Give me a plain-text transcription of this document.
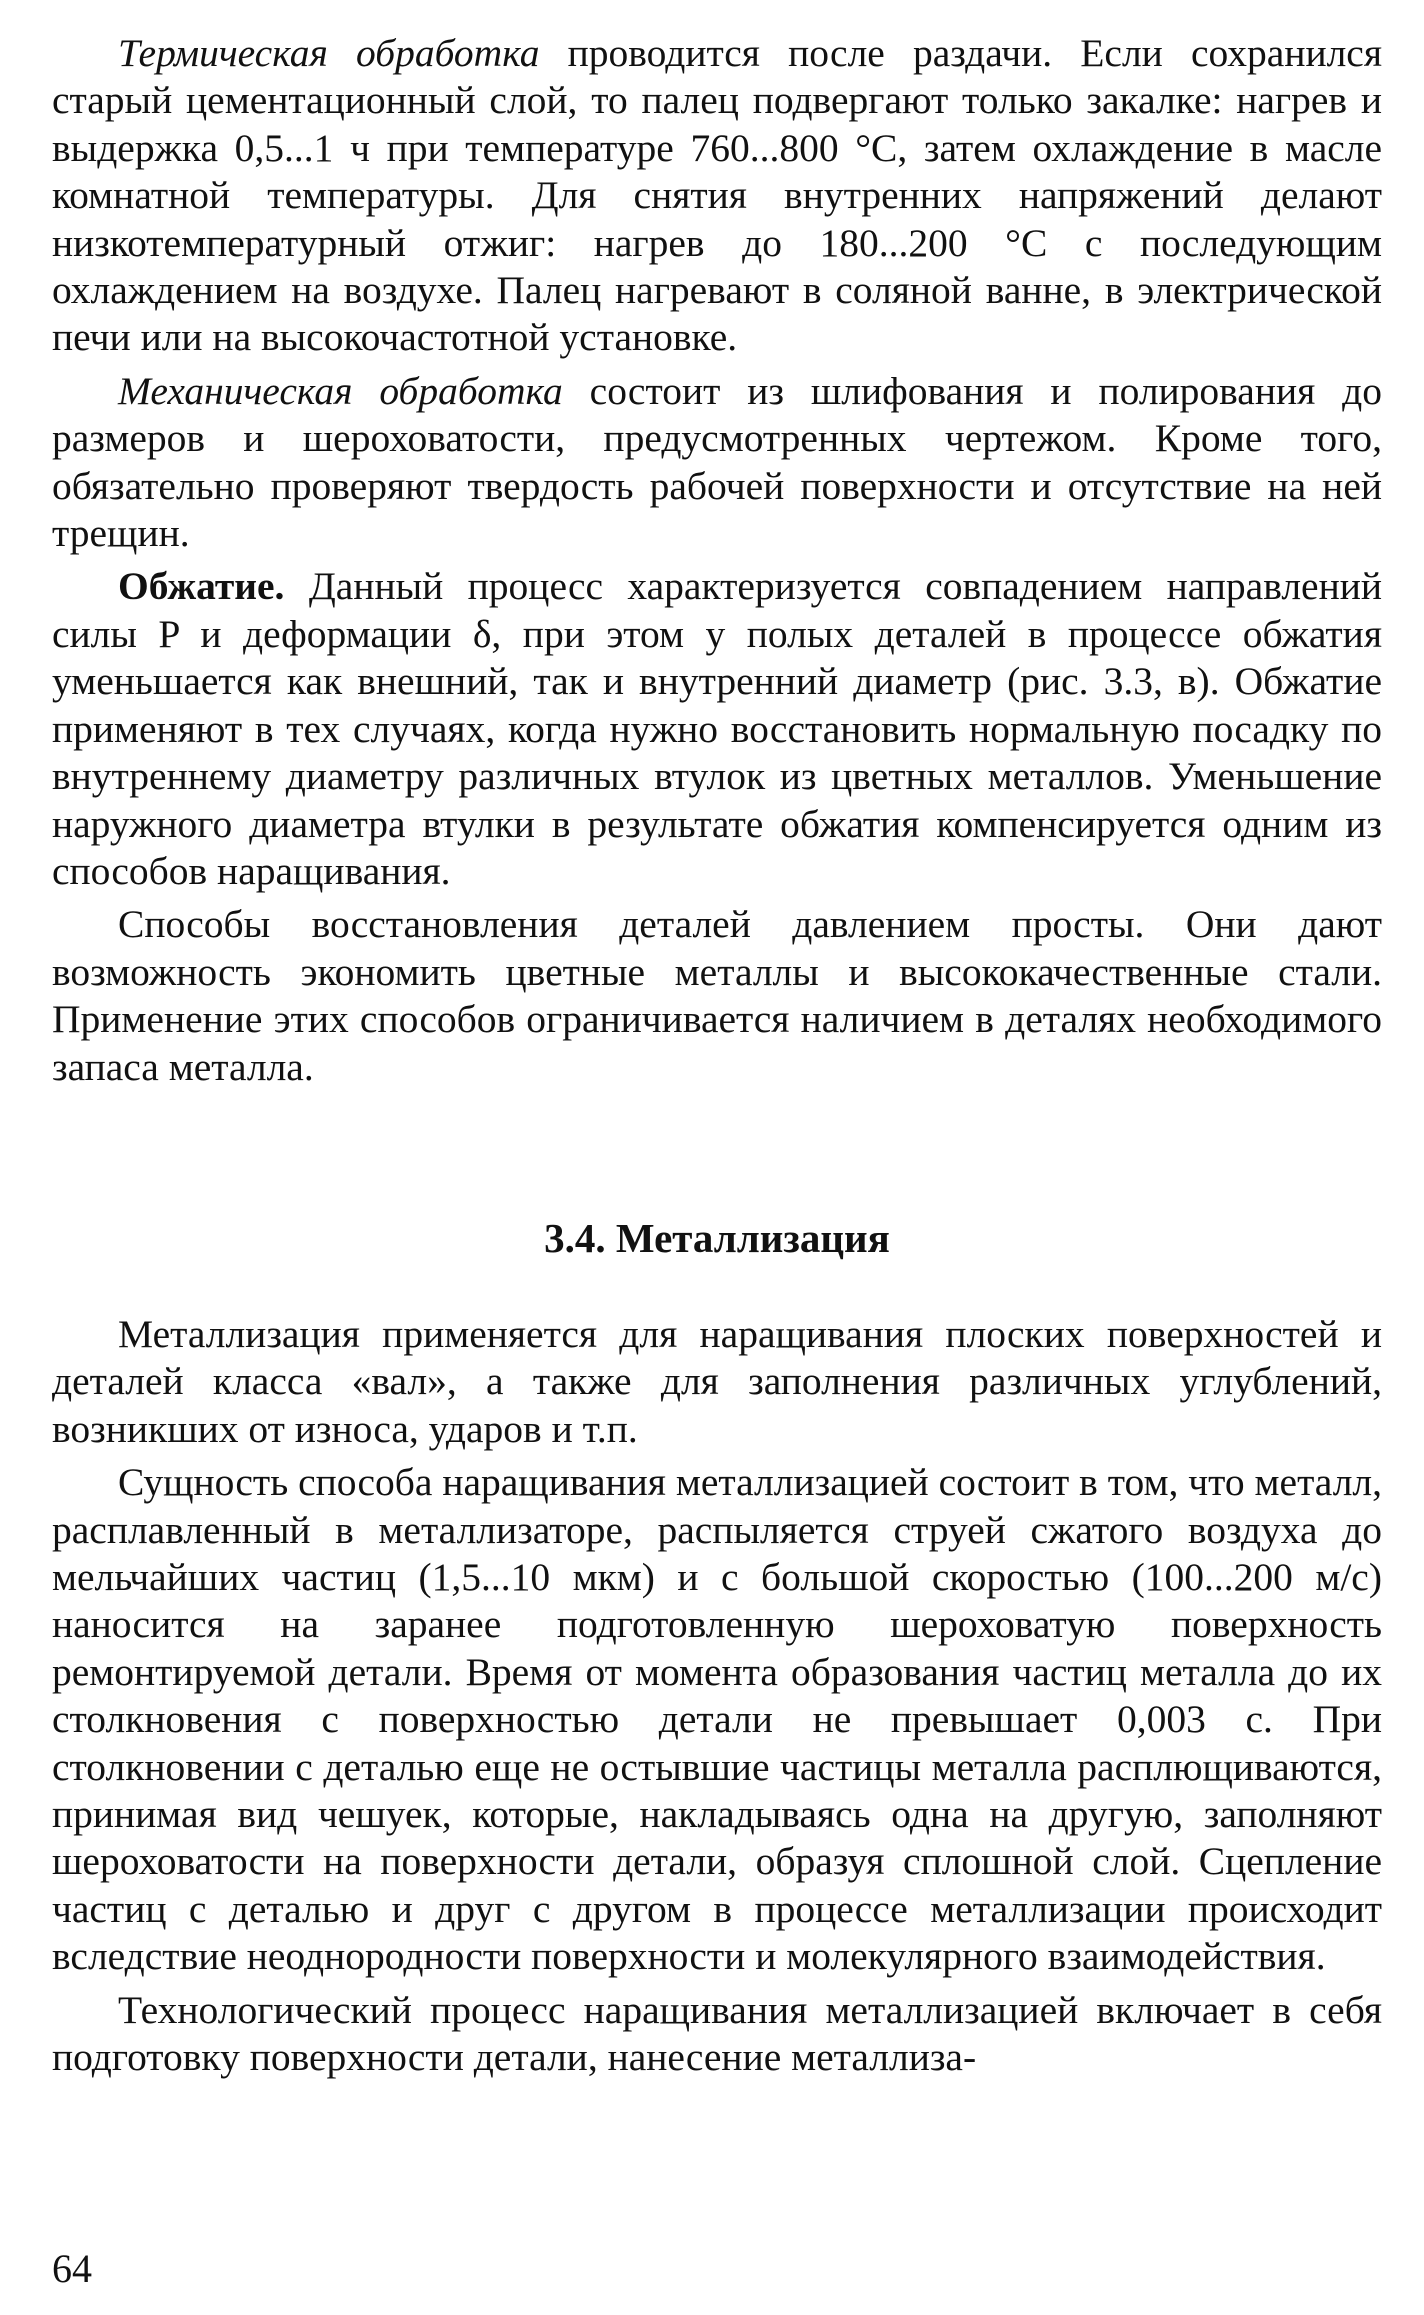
Термическая обработка проводится после раздачи. Если сохранился старый цементационный слой, то палец подвергают только закалке: нагрев и выдержка 0,5...1 ч при температуре 760...800 °C, затем охлаждение в масле комнатной температуры. Для снятия внутренних напряжений делают низкотемпературный отжиг: нагрев до 180...200 °C с последующим охлаждением на воздухе. Палец нагревают в соляной ванне, в электрической печи или на высокочастотной установке.

Механическая обработка состоит из шлифования и полирования до размеров и шероховатости, предусмотренных чертежом. Кроме того, обязательно проверяют твердость рабочей поверхности и отсутствие на ней трещин.

Обжатие. Данный процесс характеризуется совпадением направлений силы P и деформации δ, при этом у полых деталей в процессе обжатия уменьшается как внешний, так и внутренний диаметр (рис. 3.3, в). Обжатие применяют в тех случаях, когда нужно восстановить нормальную посадку по внутреннему диаметру различных втулок из цветных металлов. Уменьшение наружного диаметра втулки в результате обжатия компенсируется одним из способов наращивания.

Способы восстановления деталей давлением просты. Они дают возможность экономить цветные металлы и высококачественные стали. Применение этих способов ограничивается наличием в деталях необходимого запаса металла.

3.4. Металлизация

Металлизация применяется для наращивания плоских поверхностей и деталей класса «вал», а также для заполнения различных углублений, возникших от износа, ударов и т.п.

Сущность способа наращивания металлизацией состоит в том, что металл, расплавленный в металлизаторе, распыляется струей сжатого воздуха до мельчайших частиц (1,5...10 мкм) и с большой скоростью (100...200 м/с) наносится на заранее подготовленную шероховатую поверхность ремонтируемой детали. Время от момента образования частиц металла до их столкновения с поверхностью детали не превышает 0,003 с. При столкновении с деталью еще не остывшие частицы металла расплющиваются, принимая вид чешуек, которые, накладываясь одна на другую, заполняют шероховатости на поверхности детали, образуя сплошной слой. Сцепление частиц с деталью и друг с другом в процессе металлизации происходит вследствие неоднородности поверхности и молекулярного взаимодействия.

Технологический процесс наращивания металлизацией включает в себя подготовку поверхности детали, нанесение металлиза-

64
